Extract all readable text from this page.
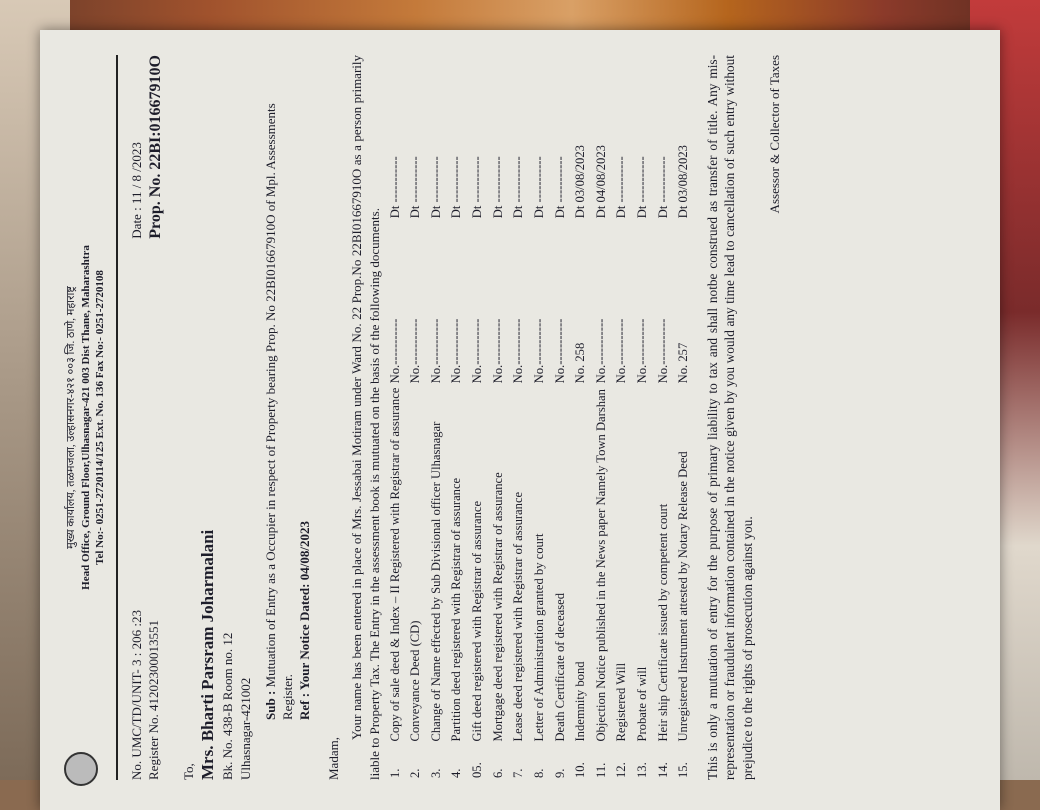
मुख्य कार्यालय, तळमजला, उल्हासनगर-४२१ ००३ जि. ठाणे, महाराष्ट्र Head Office, Ground Floor,Ulhasnagar-421 003 Dist Thane, Maharashtra Tel No:- 0251-2720114/125 Ext. No. 136 Fax No:- 0251-2720108

No. UMC/TD/UNIT- 3 : 206 :23 Register No. 41202300013551
Date : 11 / 8 /2023 Prop. No. 22BI:01667910O
To, Mrs. Bharti Parsram Joharmalani Bk. No. 438-B Room no. 12 Ulhasnagar-421002 Sub : Mutuation of Entry as a Occupier in respect of Property bearing Prop. No 22BI01667910O of Mpl. Assessments Register. Ref : Your Notice Dated: 04/08/2023
Madam,
Your name has been entered in place of Mrs. Jessabai Motiram under Ward No. 22 Prop.No 22BI01667910O as a person primarily liable to Property Tax. The Entry in the assessment book is mutuated on the basis of the following documents. 1.	Copy of sale deed & Index – II Registered with Registrar of assurance	No.-----------	Dt -----------
2.	Conveyance Deed (CD)	No.-----------	Dt -----------
3.	Change of Name effected by Sub Divisional officer Ulhasnagar	No.-----------	Dt -----------
4.	Partition deed registered with Registrar of assurance	No.-----------	Dt -----------
05.	Gift deed registered with Registrar of assurance	No.-----------	Dt -----------
6.	Mortgage deed registered with Registrar of assurance	No.-----------	Dt -----------
7.	Lease deed registered with Registrar of assurance	No.-----------	Dt -----------
8.	Letter of Administration granted by court	No.-----------	Dt -----------
9.	Death Certificate of deceased	No.-----------	Dt -----------
10.	Indemnity bond	No. 258	Dt 03/08/2023
11.	Objection Notice published in the News paper Namely Town Darshan	No.-----------	Dt 04/08/2023
12.	Registered Will	No.-----------	Dt -----------
13.	Probate of will	No.-----------	Dt -----------
14.	Heir ship Certificate issued by competent court	No.-----------	Dt -----------
15.	Unregistered Instrument attested by Notary Release Deed	No. 257	Dt 03/08/2023 This is only a mutuation of entry for the purpose of primary liability to tax and shall notbe construed as transfer of title. Any mis-representation or fraudulent information contained in the notice given by you would any time lead to cancellation of such entry without prejudice to the rights of prosecution against you.
Assessor & Collector of Taxes
